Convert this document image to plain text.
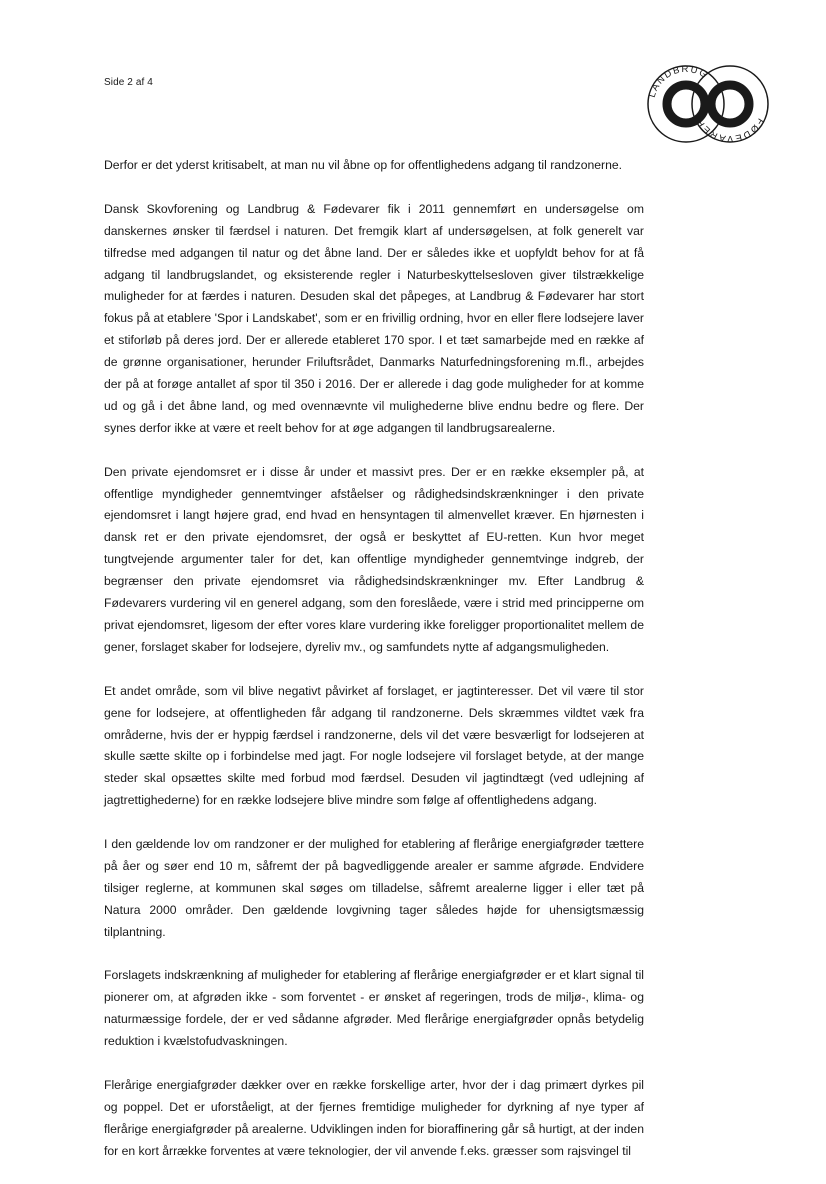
Side 2 af 4
LANDBRUG
FØDEVARER

Derfor er det yderst kritisabelt, at man nu vil åbne op for offentlighedens adgang til randzonerne.

Dansk Skovforening og Landbrug & Fødevarer fik i 2011 gennemført en undersøgelse om danskernes ønsker til færdsel i naturen. Det fremgik klart af undersøgelsen, at folk generelt var tilfredse med adgangen til natur og det åbne land. Der er således ikke et uopfyldt behov for at få adgang til landbrugslandet, og eksisterende regler i Naturbeskyttelsesloven giver tilstrækkelige muligheder for at færdes i naturen. Desuden skal det påpeges, at Landbrug & Fødevarer har stort fokus på at etablere 'Spor i Landskabet', som er en frivillig ordning, hvor en eller flere lodsejere laver et stiforløb på deres jord. Der er allerede etableret 170 spor. I et tæt samarbejde med en række af de grønne organisationer, herunder Friluftsrådet, Danmarks Naturfedningsforening m.fl., arbejdes der på at forøge antallet af spor til 350 i 2016. Der er allerede i dag gode muligheder for at komme ud og gå i det åbne land, og med ovennævnte vil mulighederne blive endnu bedre og flere. Der synes derfor ikke at være et reelt behov for at øge adgangen til landbrugsarealerne.

Den private ejendomsret er i disse år under et massivt pres. Der er en række eksempler på, at offentlige myndigheder gennemtvinger afståelser og rådighedsindskrænkninger i den private ejendomsret i langt højere grad, end hvad en hensyntagen til almenvellet kræver. En hjørnesten i dansk ret er den private ejendomsret, der også er beskyttet af EU-retten. Kun hvor meget tungtvejende argumenter taler for det, kan offentlige myndigheder gennemtvinge indgreb, der begrænser den private ejendomsret via rådighedsindskrænkninger mv. Efter Landbrug & Fødevarers vurdering vil en generel adgang, som den foreslåede, være i strid med principperne om privat ejendomsret, ligesom der efter vores klare vurdering ikke foreligger proportionalitet mellem de gener, forslaget skaber for lodsejere, dyreliv mv., og samfundets nytte af adgangsmuligheden.

Et andet område, som vil blive negativt påvirket af forslaget, er jagtinteresser. Det vil være til stor gene for lodsejere, at offentligheden får adgang til randzonerne. Dels skræmmes vildtet væk fra områderne, hvis der er hyppig færdsel i randzonerne, dels vil det være besværligt for lodsejeren at skulle sætte skilte op i forbindelse med jagt. For nogle lodsejere vil forslaget betyde, at der mange steder skal opsættes skilte med forbud mod færdsel. Desuden vil jagtindtægt (ved udlejning af jagtrettighederne) for en række lodsejere blive mindre som følge af offentlighedens adgang.

I den gældende lov om randzoner er der mulighed for etablering af flerårige energiafgrøder tættere på åer og søer end 10 m, såfremt der på bagvedliggende arealer er samme afgrøde. Endvidere tilsiger reglerne, at kommunen skal søges om tilladelse, såfremt arealerne ligger i eller tæt på Natura 2000 områder. Den gældende lovgivning tager således højde for uhensigtsmæssig tilplantning.

Forslagets indskrænkning af muligheder for etablering af flerårige energiafgrøder er et klart signal til pionerer om, at afgrøden ikke - som forventet - er ønsket af regeringen, trods de miljø-, klima- og naturmæssige fordele, der er ved sådanne afgrøder. Med flerårige energiafgrøder opnås betydelig reduktion i kvælstofudvaskningen.

Flerårige energiafgrøder dækker over en række forskellige arter, hvor der i dag primært dyrkes pil og poppel. Det er uforståeligt, at der fjernes fremtidige muligheder for dyrkning af nye typer af flerårige energiafgrøder på arealerne. Udviklingen inden for bioraffinering går så hurtigt, at der inden for en kort årrække forventes at være teknologier, der vil anvende f.eks. græsser som rajsvingel til
